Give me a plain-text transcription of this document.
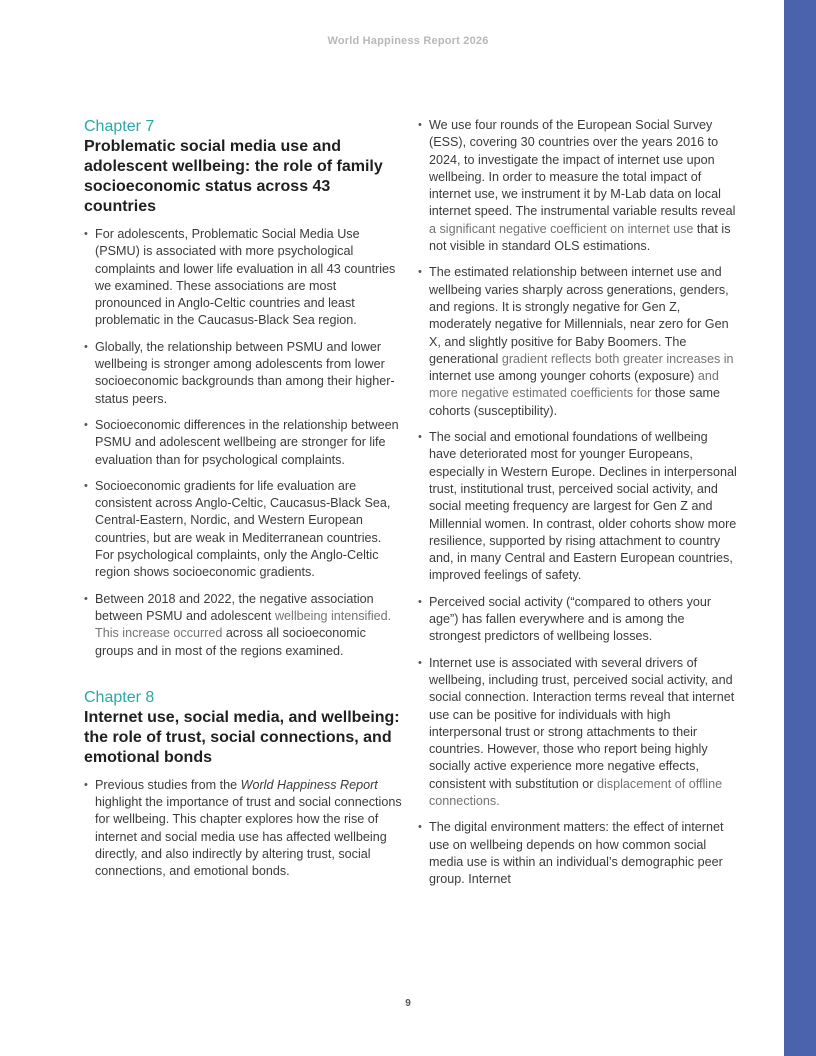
World Happiness Report 2026

Chapter 7

Problematic social media use and adolescent wellbeing: the role of family socioeconomic status across 43 countries

• For adolescents, Problematic Social Media Use (PSMU) is associated with more psychological complaints and lower life evaluation in all 43 countries we examined. These associations are most pronounced in Anglo-Celtic countries and least problematic in the Caucasus-Black Sea region.
• Globally, the relationship between PSMU and lower wellbeing is stronger among adolescents from lower socioeconomic backgrounds than among their higher-status peers.
• Socioeconomic differences in the relationship between PSMU and adolescent wellbeing are stronger for life evaluation than for psychological complaints.
• Socioeconomic gradients for life evaluation are consistent across Anglo-Celtic, Caucasus-Black Sea, Central-Eastern, Nordic, and Western European countries, but are weak in Mediterranean countries. For psychological complaints, only the Anglo-Celtic region shows socioeconomic gradients.
• Between 2018 and 2022, the negative association between PSMU and adolescent wellbeing intensified. This increase occurred across all socioeconomic groups and in most of the regions examined.

Chapter 8

Internet use, social media, and wellbeing: the role of trust, social connections, and emotional bonds

• Previous studies from the World Happiness Report highlight the importance of trust and social connections for wellbeing. This chapter explores how the rise of internet and social media use has affected wellbeing directly, and also indirectly by altering trust, social connections, and emotional bonds.
• We use four rounds of the European Social Survey (ESS), covering 30 countries over the years 2016 to 2024, to investigate the impact of internet use upon wellbeing. In order to measure the total impact of internet use, we instrument it by M-Lab data on local internet speed. The instrumental variable results reveal a significant negative coefficient on internet use that is not visible in standard OLS estimations.
• The estimated relationship between internet use and wellbeing varies sharply across generations, genders, and regions. It is strongly negative for Gen Z, moderately negative for Millennials, near zero for Gen X, and slightly positive for Baby Boomers. The generational gradient reflects both greater increases in internet use among younger cohorts (exposure) and more negative estimated coefficients for those same cohorts (susceptibility).
• The social and emotional foundations of wellbeing have deteriorated most for younger Europeans, especially in Western Europe. Declines in interpersonal trust, institutional trust, perceived social activity, and social meeting frequency are largest for Gen Z and Millennial women. In contrast, older cohorts show more resilience, supported by rising attachment to country and, in many Central and Eastern European countries, improved feelings of safety.
• Perceived social activity (“compared to others your age”) has fallen everywhere and is among the strongest predictors of wellbeing losses.
• Internet use is associated with several drivers of wellbeing, including trust, perceived social activity, and social connection. Interaction terms reveal that internet use can be positive for individuals with high interpersonal trust or strong attachments to their countries. However, those who report being highly socially active experience more negative effects, consistent with substitution or displacement of offline connections.
• The digital environment matters: the effect of internet use on wellbeing depends on how common social media use is within an individual’s demographic peer group. Internet
9
